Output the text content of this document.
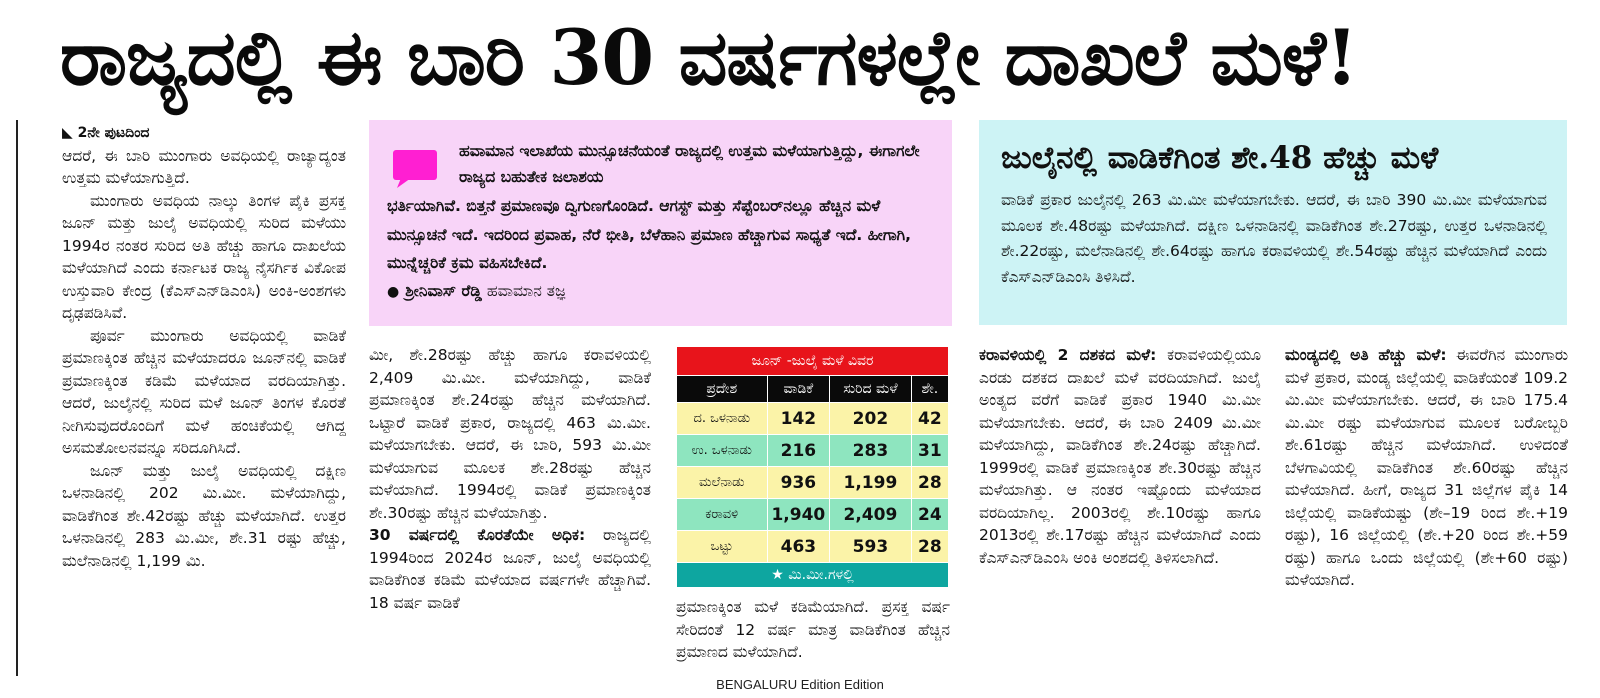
ರಾಜ್ಯದಲ್ಲಿ ಈ ಬಾರಿ 30 ವರ್ಷಗಳಲ್ಲೇ ದಾಖಲೆ ಮಳೆ!
◣ 2ನೇ ಪುಟದಿಂದ

ಆದರೆ, ಈ ಬಾರಿ ಮುಂಗಾರು ಅವಧಿಯಲ್ಲಿ ರಾಜ್ಯಾದ್ಯಂತ ಉತ್ತಮ ಮಳೆಯಾಗುತ್ತಿದೆ.

ಮುಂಗಾರು ಅವಧಿಯ ನಾಲ್ಕು ತಿಂಗಳ ಪೈಕಿ ಪ್ರಸಕ್ತ ಜೂನ್ ಮತ್ತು ಜುಲೈ ಅವಧಿಯಲ್ಲಿ ಸುರಿದ ಮಳೆಯು 1994ರ ನಂತರ ಸುರಿದ ಅತಿ ಹೆಚ್ಚು ಹಾಗೂ ದಾಖಲೆಯ ಮಳೆಯಾಗಿದೆ ಎಂದು ಕರ್ನಾಟಕ ರಾಜ್ಯ ನೈಸರ್ಗಿಕ ವಿಕೋಪ ಉಸ್ತುವಾರಿ ಕೇಂದ್ರ (ಕೆಎಸ್‌ಎನ್‌ಡಿಎಂಸಿ) ಅಂಕಿ-ಅಂಶಗಳು ದೃಢಪಡಿಸಿವೆ.

ಪೂರ್ವ ಮುಂಗಾರು ಅವಧಿಯಲ್ಲಿ ವಾಡಿಕೆ ಪ್ರಮಾಣಕ್ಕಿಂತ ಹೆಚ್ಚಿನ ಮಳೆಯಾದರೂ ಜೂನ್‌ನಲ್ಲಿ ವಾಡಿಕೆ ಪ್ರಮಾಣಕ್ಕಿಂತ ಕಡಿಮೆ ಮಳೆಯಾದ ವರದಿಯಾಗಿತ್ತು. ಆದರೆ, ಜುಲೈನಲ್ಲಿ ಸುರಿದ ಮಳೆ ಜೂನ್ ತಿಂಗಳ ಕೊರತೆ ನೀಗಿಸುವುದರೊಂದಿಗೆ ಮಳೆ ಹಂಚಿಕೆಯಲ್ಲಿ ಆಗಿದ್ದ ಅಸಮತೋಲನವನ್ನೂ ಸರಿದೂಗಿಸಿದೆ.

ಜೂನ್ ಮತ್ತು ಜುಲೈ ಅವಧಿಯಲ್ಲಿ ದಕ್ಷಿಣ ಒಳನಾಡಿನಲ್ಲಿ 202 ಮಿ.ಮೀ. ಮಳೆಯಾಗಿದ್ದು, ವಾಡಿಕೆಗಿಂತ ಶೇ.42ರಷ್ಟು ಹೆಚ್ಚು ಮಳೆಯಾಗಿದೆ. ಉತ್ತರ ಒಳನಾಡಿನಲ್ಲಿ 283 ಮಿ.ಮೀ, ಶೇ.31 ರಷ್ಟು ಹೆಚ್ಚು, ಮಲೆನಾಡಿನಲ್ಲಿ 1,199 ಮಿ.

ಹವಾಮಾನ ಇಲಾಖೆಯ ಮುನ್ಸೂಚನೆಯಂತೆ ರಾಜ್ಯದಲ್ಲಿ ಉತ್ತಮ ಮಳೆಯಾಗುತ್ತಿದ್ದು, ಈಗಾಗಲೇ ರಾಜ್ಯದ ಬಹುತೇಕ ಜಲಾಶಯ
ಭರ್ತಿಯಾಗಿವೆ. ಬಿತ್ತನೆ ಪ್ರಮಾಣವೂ ದ್ವಿಗುಣಗೊಂಡಿದೆ. ಆಗಸ್ಟ್ ಮತ್ತು ಸೆಪ್ಟೆಂಬರ್‌ನಲ್ಲೂ ಹೆಚ್ಚಿನ ಮಳೆ ಮುನ್ಸೂಚನೆ ಇದೆ. ಇದರಿಂದ ಪ್ರವಾಹ, ನೆರೆ ಭೀತಿ, ಬೆಳೆಹಾನಿ ಪ್ರಮಾಣ ಹೆಚ್ಚಾಗುವ ಸಾಧ್ಯತೆ ಇದೆ. ಹೀಗಾಗಿ, ಮುನ್ನೆಚ್ಚರಿಕೆ ಕ್ರಮ ವಹಿಸಬೇಕಿದೆ.
● ಶ್ರೀನಿವಾಸ್ ರೆಡ್ಡಿ ಹವಾಮಾನ ತಜ್ಞ
ಜುಲೈನಲ್ಲಿ ವಾಡಿಕೆಗಿಂತ ಶೇ.48 ಹೆಚ್ಚು ಮಳೆ
ವಾಡಿಕೆ ಪ್ರಕಾರ ಜುಲೈನಲ್ಲಿ 263 ಮಿ.ಮೀ ಮಳೆಯಾಗಬೇಕು. ಆದರೆ, ಈ ಬಾರಿ 390 ಮಿ.ಮೀ ಮಳೆಯಾಗುವ ಮೂಲಕ ಶೇ.48ರಷ್ಟು ಮಳೆಯಾಗಿದೆ. ದಕ್ಷಿಣ ಒಳನಾಡಿನಲ್ಲಿ ವಾಡಿಕೆಗಿಂತ ಶೇ.27ರಷ್ಟು, ಉತ್ತರ ಒಳನಾಡಿನಲ್ಲಿ ಶೇ.22ರಷ್ಟು, ಮಲೆನಾಡಿನಲ್ಲಿ ಶೇ.64ರಷ್ಟು ಹಾಗೂ ಕರಾವಳಿಯಲ್ಲಿ ಶೇ.54ರಷ್ಟು ಹೆಚ್ಚಿನ ಮಳೆಯಾಗಿದೆ ಎಂದು ಕೆಎಸ್‌ಎನ್‌ಡಿಎಂಸಿ ತಿಳಿಸಿದೆ.

ಮೀ, ಶೇ.28ರಷ್ಟು ಹೆಚ್ಚು ಹಾಗೂ ಕರಾವಳಿಯಲ್ಲಿ 2,409 ಮಿ.ಮೀ. ಮಳೆಯಾಗಿದ್ದು, ವಾಡಿಕೆ ಪ್ರಮಾಣಕ್ಕಿಂತ ಶೇ.24ರಷ್ಟು ಹೆಚ್ಚಿನ ಮಳೆಯಾಗಿದೆ. ಒಟ್ಟಾರೆ ವಾಡಿಕೆ ಪ್ರಕಾರ, ರಾಜ್ಯದಲ್ಲಿ 463 ಮಿ.ಮೀ. ಮಳೆಯಾಗಬೇಕು. ಆದರೆ, ಈ ಬಾರಿ, 593 ಮಿ.ಮೀ ಮಳೆಯಾಗುವ ಮೂಲಕ ಶೇ.28ರಷ್ಟು ಹೆಚ್ಚಿನ ಮಳೆಯಾಗಿದೆ. 1994ರಲ್ಲಿ ವಾಡಿಕೆ ಪ್ರಮಾಣಕ್ಕಿಂತ ಶೇ.30ರಷ್ಟು ಹೆಚ್ಚಿನ ಮಳೆಯಾಗಿತ್ತು.

30 ವರ್ಷದಲ್ಲಿ ಕೊರತೆಯೇ ಅಧಿಕ: ರಾಜ್ಯದಲ್ಲಿ 1994ರಿಂದ 2024ರ ಜೂನ್, ಜುಲೈ ಅವಧಿಯಲ್ಲಿ ವಾಡಿಕೆಗಿಂತ ಕಡಿಮೆ ಮಳೆಯಾದ ವರ್ಷಗಳೇ ಹೆಚ್ಚಾಗಿವೆ. 18 ವರ್ಷ ವಾಡಿಕೆ

ಜೂನ್ -ಜುಲೈ ಮಳೆ ವಿವರ			
ಪ್ರದೇಶ	ವಾಡಿಕೆ	ಸುರಿದ ಮಳೆ	ಶೇ.
ದ. ಒಳನಾಡು	142	202	42
ಉ. ಒಳನಾಡು	216	283	31
ಮಲೆನಾಡು	936	1,199	28
ಕರಾವಳಿ	1,940	2,409	24
ಒಟ್ಟು	463	593	28
★ ಮಿ.ಮೀ.ಗಳಲ್ಲಿ			

ಪ್ರಮಾಣಕ್ಕಿಂತ ಮಳೆ ಕಡಿಮೆಯಾಗಿದೆ. ಪ್ರಸಕ್ತ ವರ್ಷ ಸೇರಿದಂತೆ 12 ವರ್ಷ ಮಾತ್ರ ವಾಡಿಕೆಗಿಂತ ಹೆಚ್ಚಿನ ಪ್ರಮಾಣದ ಮಳೆಯಾಗಿದೆ.

ಕರಾವಳಿಯಲ್ಲಿ 2 ದಶಕದ ಮಳೆ: ಕರಾವಳಿಯಲ್ಲಿಯೂ ಎರಡು ದಶಕದ ದಾಖಲೆ ಮಳೆ ವರದಿಯಾಗಿದೆ. ಜುಲೈ ಅಂತ್ಯದ ವರೆಗೆ ವಾಡಿಕೆ ಪ್ರಕಾರ 1940 ಮಿ.ಮೀ ಮಳೆಯಾಗಬೇಕು. ಆದರೆ, ಈ ಬಾರಿ 2409 ಮಿ.ಮೀ ಮಳೆಯಾಗಿದ್ದು, ವಾಡಿಕೆಗಿಂತ ಶೇ.24ರಷ್ಟು ಹೆಚ್ಚಾಗಿದೆ. 1999ರಲ್ಲಿ ವಾಡಿಕೆ ಪ್ರಮಾಣಕ್ಕಿಂತ ಶೇ.30ರಷ್ಟು ಹೆಚ್ಚಿನ ಮಳೆಯಾಗಿತ್ತು. ಆ ನಂತರ ಇಷ್ಟೊಂದು ಮಳೆಯಾದ ವರದಿಯಾಗಿಲ್ಲ. 2003ರಲ್ಲಿ ಶೇ.10ರಷ್ಟು ಹಾಗೂ 2013ರಲ್ಲಿ ಶೇ.17ರಷ್ಟು ಹೆಚ್ಚಿನ ಮಳೆಯಾಗಿದೆ ಎಂದು ಕೆಎಸ್‌ಎನ್‌ಡಿಎಂಸಿ ಅಂಕಿ ಅಂಶದಲ್ಲಿ ತಿಳಿಸಲಾಗಿದೆ.

ಮಂಡ್ಯದಲ್ಲಿ ಅತಿ ಹೆಚ್ಚು ಮಳೆ: ಈವರೆಗಿನ ಮುಂಗಾರು ಮಳೆ ಪ್ರಕಾರ, ಮಂಡ್ಯ ಜಿಲ್ಲೆಯಲ್ಲಿ ವಾಡಿಕೆಯಂತೆ 109.2 ಮಿ.ಮೀ ಮಳೆಯಾಗಬೇಕು. ಆದರೆ, ಈ ಬಾರಿ 175.4 ಮಿ.ಮೀ ರಷ್ಟು ಮಳೆಯಾಗುವ ಮೂಲಕ ಬರೋಬ್ಬರಿ ಶೇ.61ರಷ್ಟು ಹೆಚ್ಚಿನ ಮಳೆಯಾಗಿದೆ. ಉಳಿದಂತೆ ಬೆಳಗಾವಿಯಲ್ಲಿ ವಾಡಿಕೆಗಿಂತ ಶೇ.60ರಷ್ಟು ಹೆಚ್ಚಿನ ಮಳೆಯಾಗಿದೆ. ಹೀಗೆ, ರಾಜ್ಯದ 31 ಜಿಲ್ಲೆಗಳ ಪೈಕಿ 14 ಜಿಲ್ಲೆಯಲ್ಲಿ ವಾಡಿಕೆಯಷ್ಟು (ಶೇ–19 ರಿಂದ ಶೇ.+19 ರಷ್ಟು), 16 ಜಿಲ್ಲೆಯಲ್ಲಿ (ಶೇ.+20 ರಿಂದ ಶೇ.+59 ರಷ್ಟು) ಹಾಗೂ ಒಂದು ಜಿಲ್ಲೆಯಲ್ಲಿ (ಶೇ+60 ರಷ್ಟು) ಮಳೆಯಾಗಿದೆ.

BENGALURU Edition Edition
